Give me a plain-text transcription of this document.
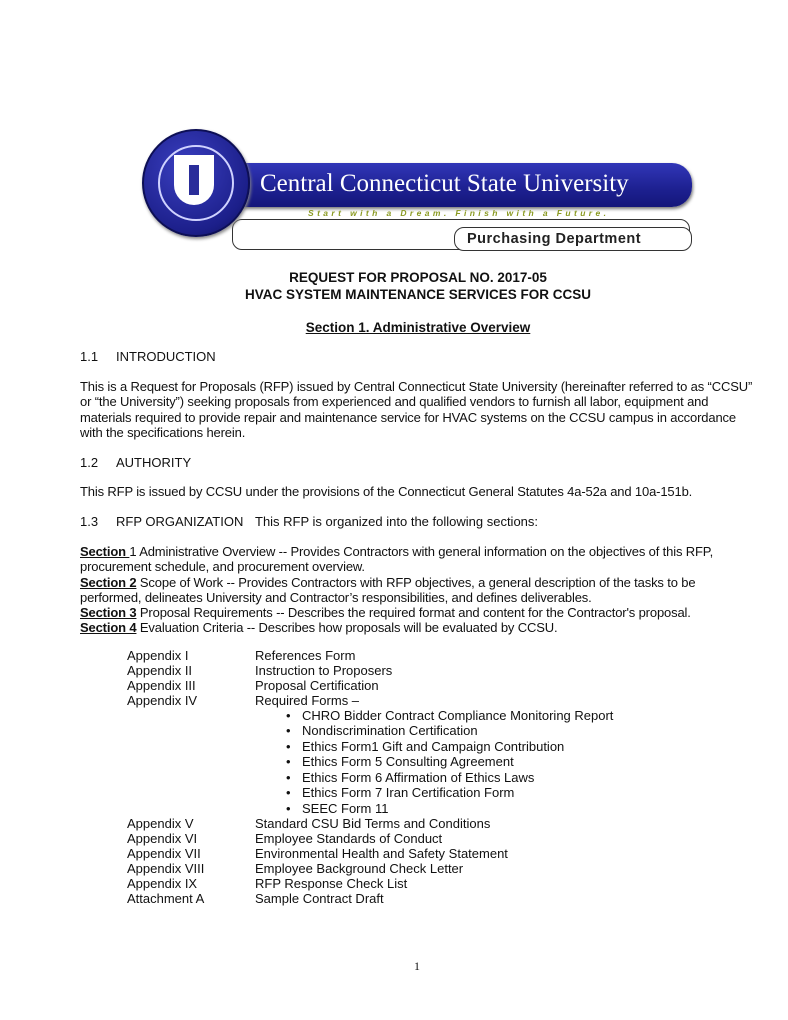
Central Connecticut State University
Start with a Dream. Finish with a Future.
Purchasing Department
REQUEST FOR PROPOSAL NO. 2017-05
HVAC SYSTEM MAINTENANCE SERVICES FOR CCSU
Section 1. Administrative Overview
1.1	INTRODUCTION
This is a Request for Proposals (RFP) issued by Central Connecticut State University (hereinafter referred to as “CCSU”
or “the University”) seeking proposals from experienced and qualified vendors to furnish all labor, equipment and
materials required to provide repair and maintenance service for HVAC systems on the CCSU campus in accordance
with the specifications herein.
1.2	AUTHORITY
This RFP is issued by CCSU under the provisions of the Connecticut General Statutes 4a-52a and 10a-151b.
1.3	RFP ORGANIZATION This RFP is organized into the following sections:
Section 1 Administrative Overview -- Provides Contractors with general information on the objectives of this RFP,
procurement schedule, and procurement overview.
Section 2 Scope of Work -- Provides Contractors with RFP objectives, a general description of the tasks to be
performed, delineates University and Contractor’s responsibilities, and defines deliverables.
Section 3 Proposal Requirements -- Describes the required format and content for the Contractor's proposal.
Section 4 Evaluation Criteria -- Describes how proposals will be evaluated by CCSU.
Appendix I	References Form
Appendix II	Instruction to Proposers
Appendix III	Proposal Certification
Appendix IV	Required Forms –
• CHRO Bidder Contract Compliance Monitoring Report
• Nondiscrimination Certification
• Ethics Form1 Gift and Campaign Contribution
• Ethics Form 5 Consulting Agreement
• Ethics Form 6 Affirmation of Ethics Laws
• Ethics Form 7 Iran Certification Form
• SEEC Form 11
Appendix V	Standard CSU Bid Terms and Conditions
Appendix VI	Employee Standards of Conduct
Appendix VII	Environmental Health and Safety Statement
Appendix VIII	Employee Background Check Letter
Appendix IX	RFP Response Check List
Attachment A	Sample Contract Draft
1
